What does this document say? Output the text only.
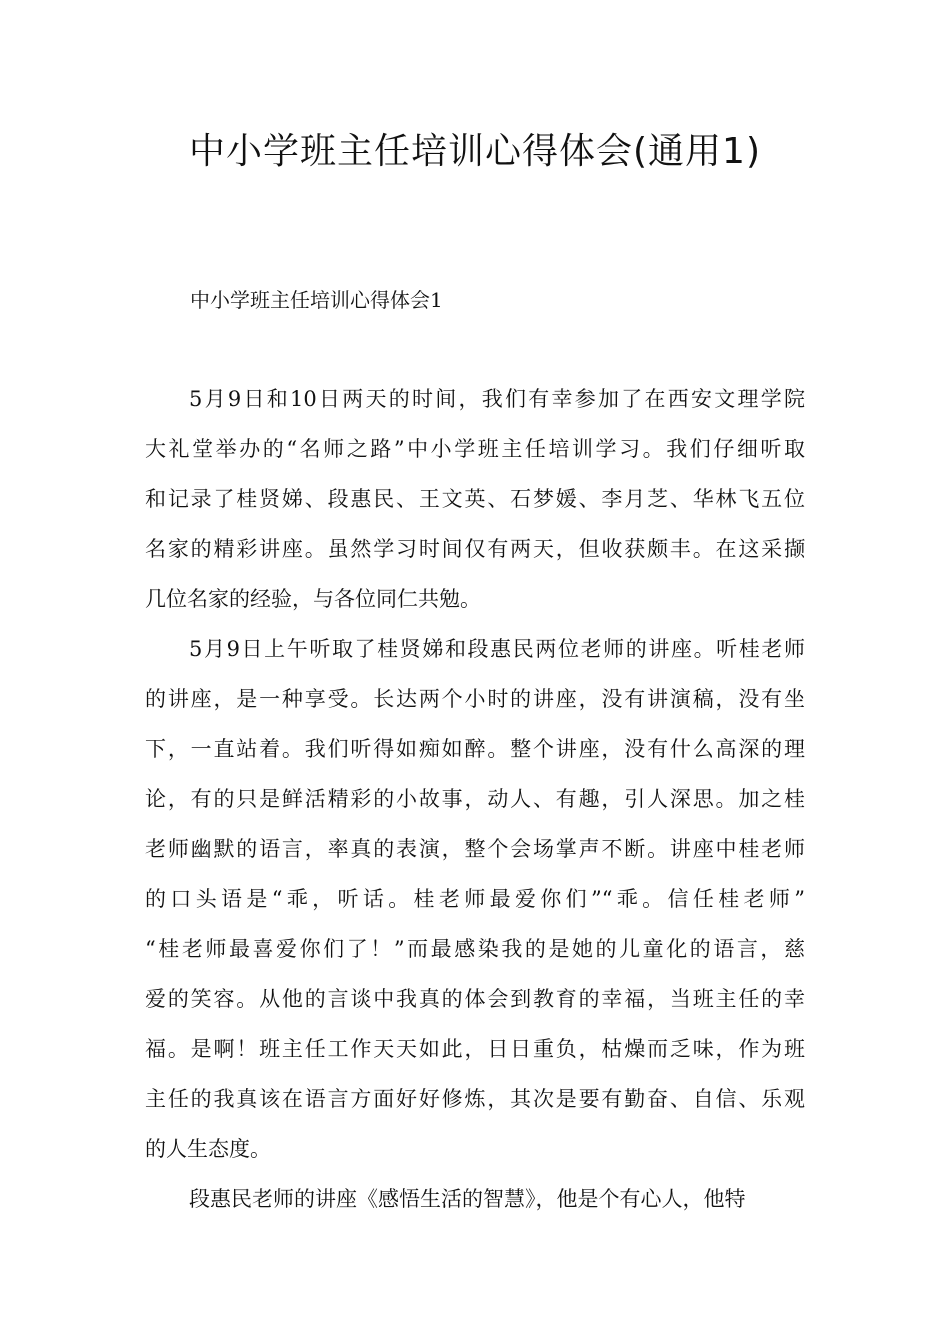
中小学班主任培训心得体会(通用1)
中小学班主任培训心得体会1
5月9日和10日两天的时间，我们有幸参加了在西安文理学院
大礼堂举办的“名师之路”中小学班主任培训学习。我们仔细听取
和记录了桂贤娣、段惠民、王文英、石梦媛、李月芝、华林飞五位
名家的精彩讲座。虽然学习时间仅有两天，但收获颇丰。在这采撷
几位名家的经验，与各位同仁共勉。
5月9日上午听取了桂贤娣和段惠民两位老师的讲座。听桂老师
的讲座，是一种享受。长达两个小时的讲座，没有讲演稿，没有坐
下，一直站着。我们听得如痴如醉。整个讲座，没有什么高深的理
论，有的只是鲜活精彩的小故事，动人、有趣，引人深思。加之桂
老师幽默的语言，率真的表演，整个会场掌声不断。讲座中桂老师
的口头语是“乖，听话。桂老师最爱你们”“乖。信任桂老师”
“桂老师最喜爱你们了！”而最感染我的是她的儿童化的语言，慈
爱的笑容。从他的言谈中我真的体会到教育的幸福，当班主任的幸
福。是啊！班主任工作天天如此，日日重负，枯燥而乏味，作为班
主任的我真该在语言方面好好修炼，其次是要有勤奋、自信、乐观
的人生态度。
段惠民老师的讲座《感悟生活的智慧》，他是个有心人，他特
